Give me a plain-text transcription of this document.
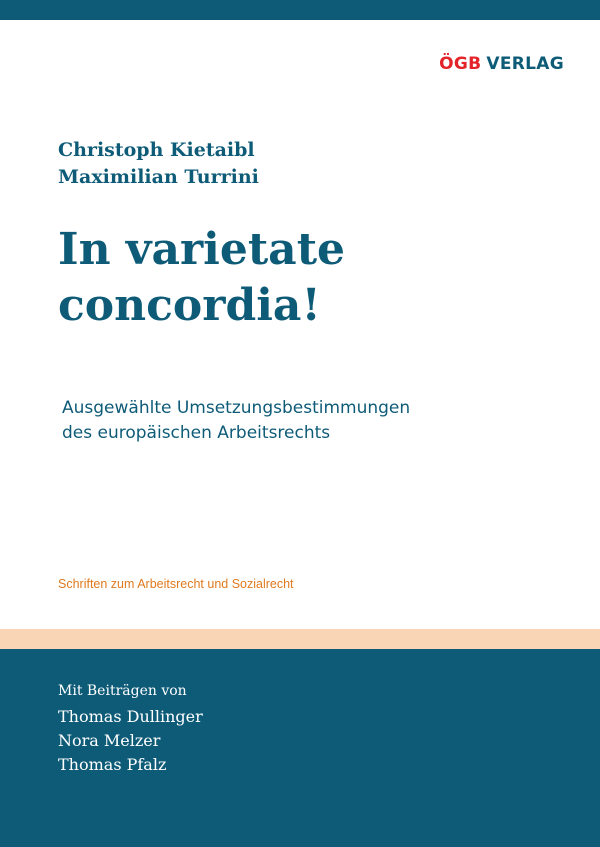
ÖGB VERLAG
Christoph Kietaibl
Maximilian Turrini
In varietate
concordia!
Ausgewählte Umsetzungsbestimmungen
des europäischen Arbeitsrechts
Schriften zum Arbeitsrecht und Sozialrecht
Mit Beiträgen von
Thomas Dullinger
Nora Melzer
Thomas Pfalz
